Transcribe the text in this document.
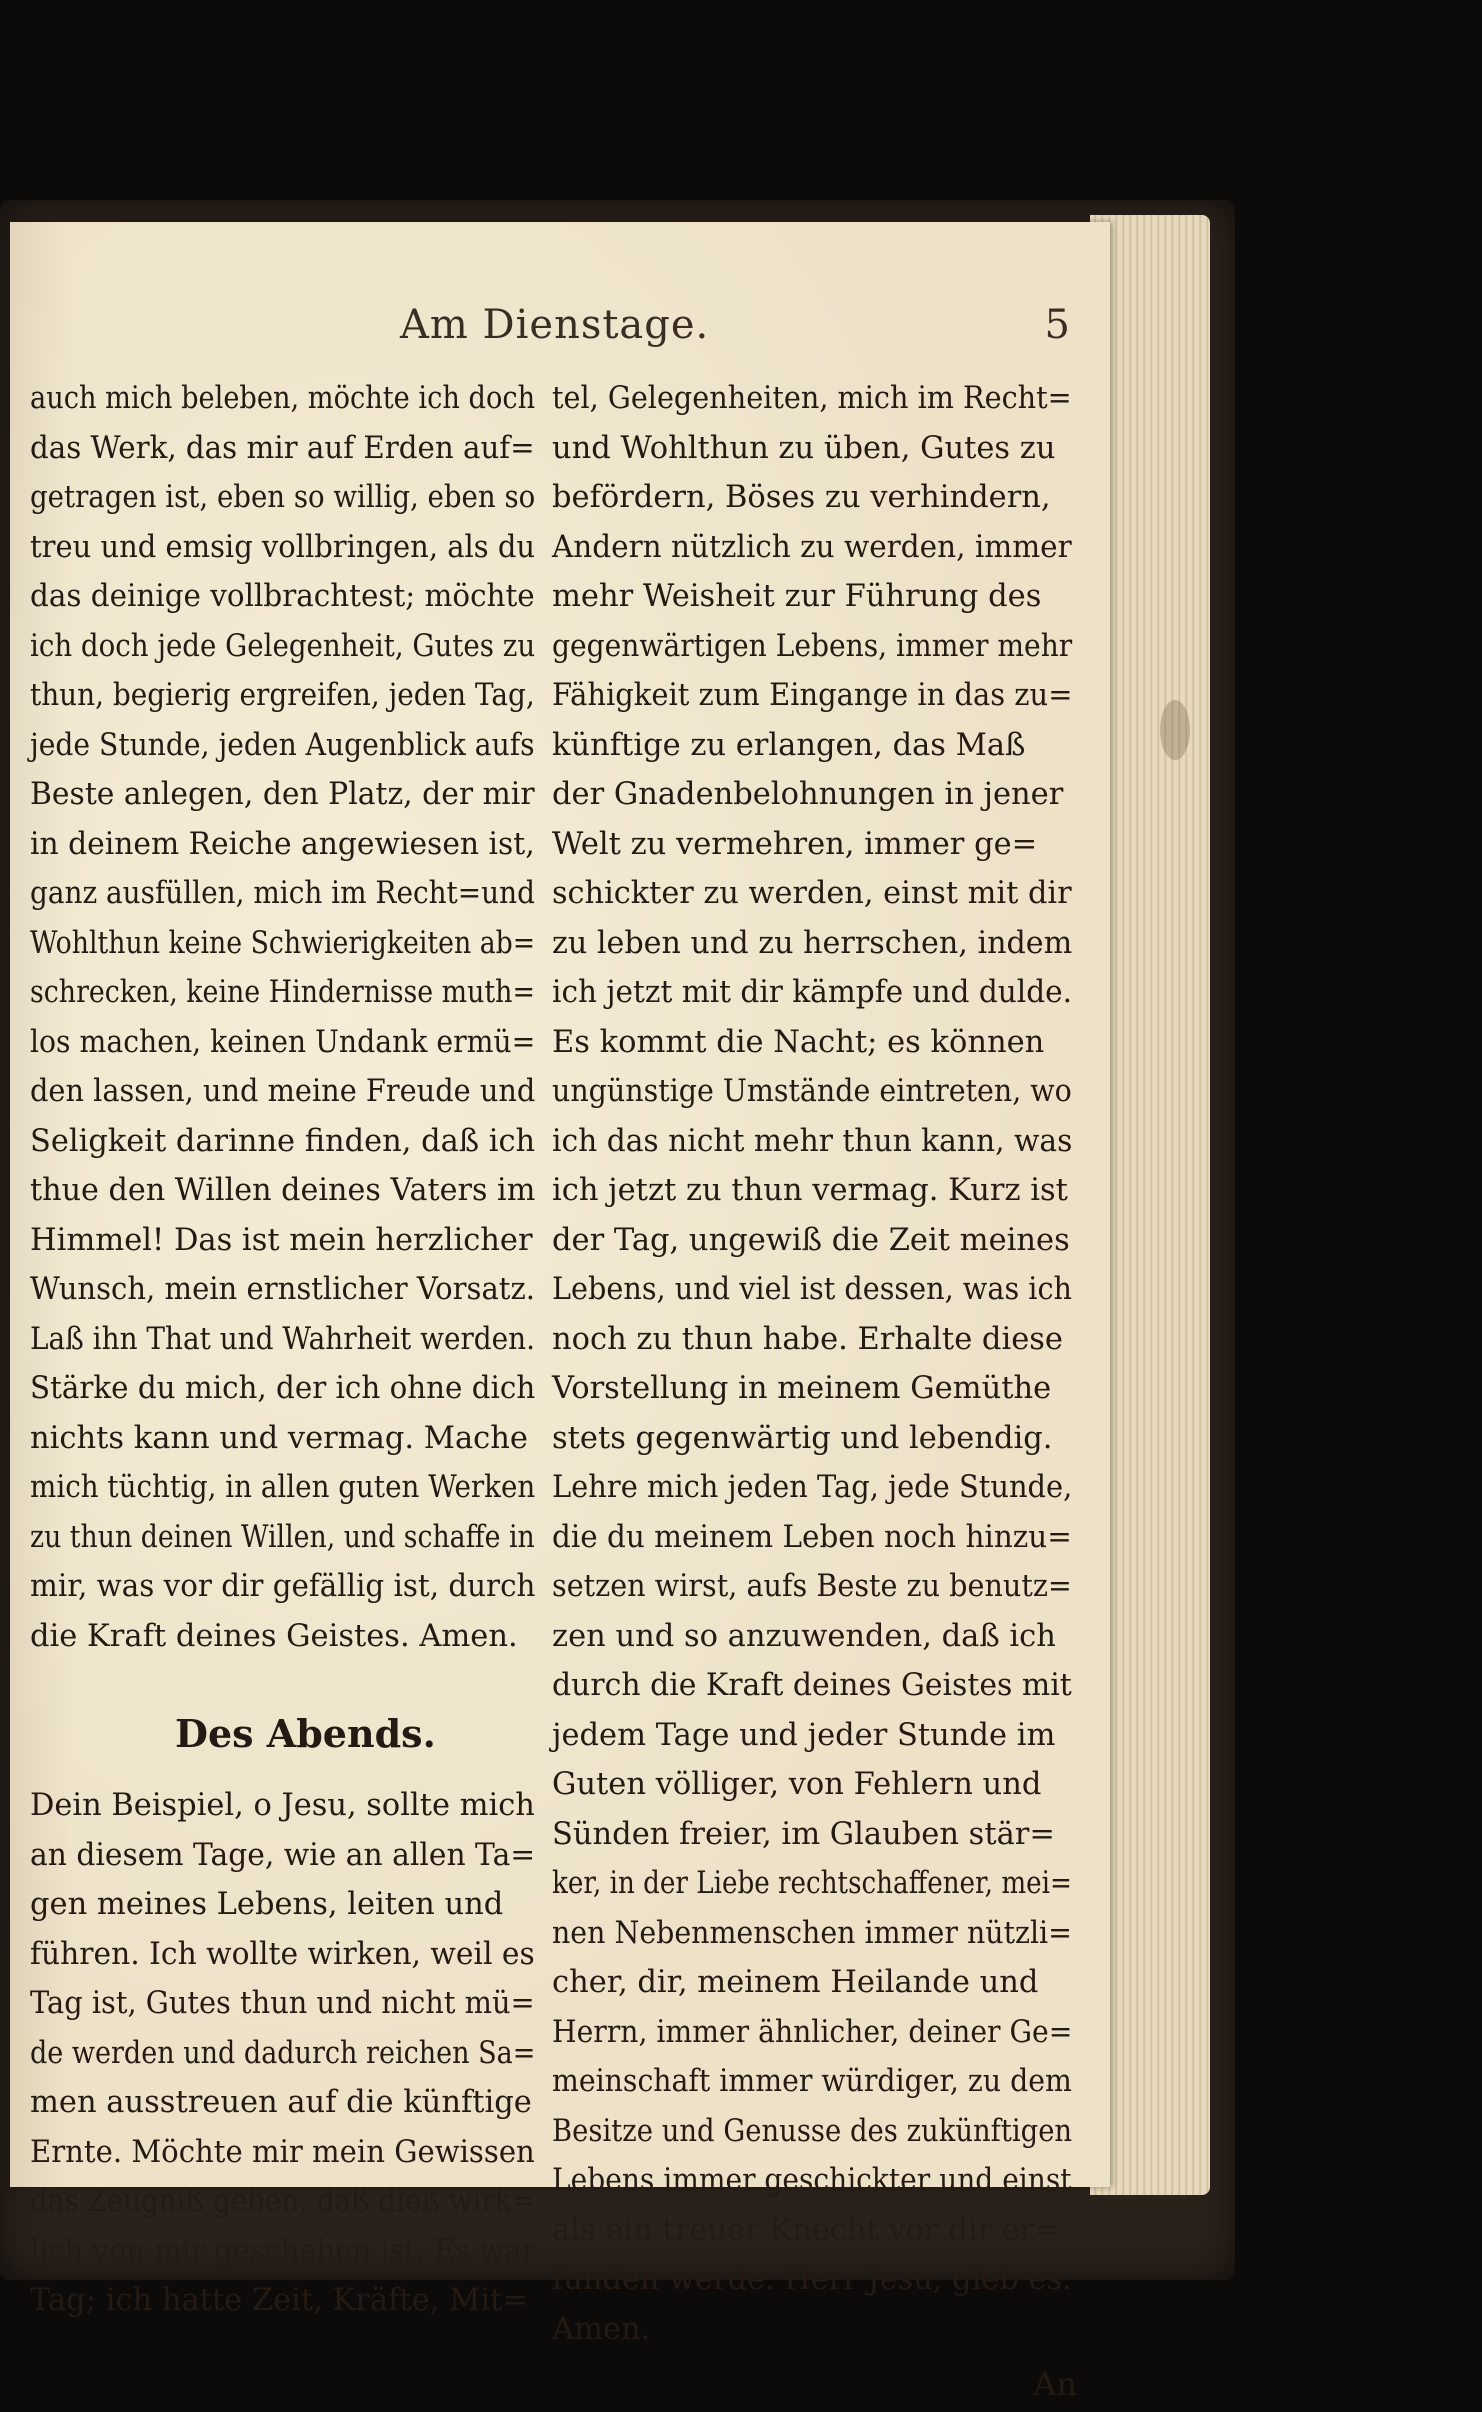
Am Dienstage.	5
auch mich beleben, möchte ich doch
das Werk, das mir auf Erden auf=
getragen ist, eben so willig, eben so
treu und emsig vollbringen, als du
das deinige vollbrachtest; möchte
ich doch jede Gelegenheit, Gutes zu
thun, begierig ergreifen, jeden Tag,
jede Stunde, jeden Augenblick aufs
Beste anlegen, den Platz, der mir
in deinem Reiche angewiesen ist,
ganz ausfüllen, mich im Recht=und
Wohlthun keine Schwierigkeiten ab=
schrecken, keine Hindernisse muth=
los machen, keinen Undank ermü=
den lassen, und meine Freude und
Seligkeit darinne finden, daß ich
thue den Willen deines Vaters im
Himmel! Das ist mein herzlicher
Wunsch, mein ernstlicher Vorsatz.
Laß ihn That und Wahrheit werden.
Stärke du mich, der ich ohne dich
nichts kann und vermag. Mache
mich tüchtig, in allen guten Werken
zu thun deinen Willen, und schaffe in
mir, was vor dir gefällig ist, durch
die Kraft deines Geistes. Amen.
Des Abends.
Dein Beispiel, o Jesu, sollte mich
an diesem Tage, wie an allen Ta=
gen meines Lebens, leiten und
führen. Ich wollte wirken, weil es
Tag ist, Gutes thun und nicht mü=
de werden und dadurch reichen Sa=
men ausstreuen auf die künftige
Ernte. Möchte mir mein Gewissen
das Zeugniß geben, daß dieß wirk=
lich von mir geschehen ist. Es war
Tag; ich hatte Zeit, Kräfte, Mit=
tel, Gelegenheiten, mich im Recht=
und Wohlthun zu üben, Gutes zu
befördern, Böses zu verhindern,
Andern nützlich zu werden, immer
mehr Weisheit zur Führung des
gegenwärtigen Lebens, immer mehr
Fähigkeit zum Eingange in das zu=
künftige zu erlangen, das Maß
der Gnadenbelohnungen in jener
Welt zu vermehren, immer ge=
schickter zu werden, einst mit dir
zu leben und zu herrschen, indem
ich jetzt mit dir kämpfe und dulde.
Es kommt die Nacht; es können
ungünstige Umstände eintreten, wo
ich das nicht mehr thun kann, was
ich jetzt zu thun vermag. Kurz ist
der Tag, ungewiß die Zeit meines
Lebens, und viel ist dessen, was ich
noch zu thun habe. Erhalte diese
Vorstellung in meinem Gemüthe
stets gegenwärtig und lebendig.
Lehre mich jeden Tag, jede Stunde,
die du meinem Leben noch hinzu=
setzen wirst, aufs Beste zu benutz=
zen und so anzuwenden, daß ich
durch die Kraft deines Geistes mit
jedem Tage und jeder Stunde im
Guten völliger, von Fehlern und
Sünden freier, im Glauben stär=
ker, in der Liebe rechtschaffener, mei=
nen Nebenmenschen immer nützli=
cher, dir, meinem Heilande und
Herrn, immer ähnlicher, deiner Ge=
meinschaft immer würdiger, zu dem
Besitze und Genusse des zukünftigen
Lebens immer geschickter und einst
als ein treuer Knecht vor dir er=
funden werde. Herr Jesu, gieb es.
Amen.
An
